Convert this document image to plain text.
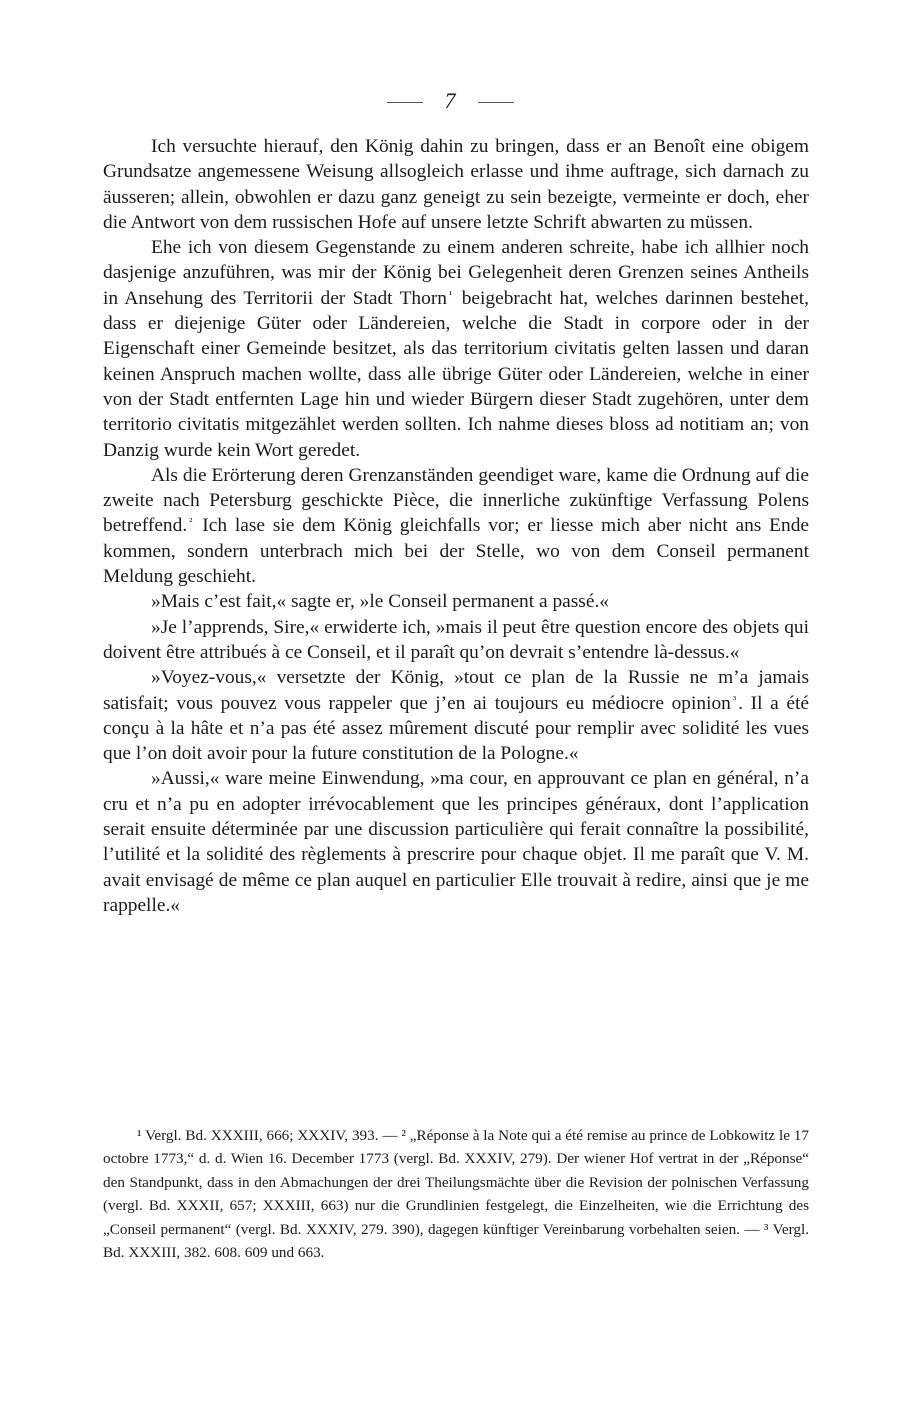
7

Ich versuchte hierauf, den König dahin zu bringen, dass er an Benoît eine obigem Grundsatze angemessene Weisung allsogleich erlasse und ihme auftrage, sich darnach zu äusseren; allein, obwohlen er dazu ganz geneigt zu sein bezeigte, vermeinte er doch, eher die Antwort von dem russischen Hofe auf unsere letzte Schrift abwarten zu müssen.

Ehe ich von diesem Gegenstande zu einem anderen schreite, habe ich allhier noch dasjenige anzuführen, was mir der König bei Gelegenheit deren Grenzen seines Antheils in Ansehung des Territorii der Stadt Thorn $^{^1}$ beigebracht hat, welches darinnen bestehet, dass er diejenige Güter oder Ländereien, welche die Stadt in corpore oder in der Eigenschaft einer Gemeinde besitzet, als das territorium civitatis gelten lassen und daran keinen Anspruch machen wollte, dass alle übrige Güter oder Ländereien, welche in einer von der Stadt entfernten Lage hin und wieder Bürgern dieser Stadt zugehören, unter dem territorio civitatis mitgezählet werden sollten. Ich nahme dieses bloss ad notitiam an; von Danzig wurde kein Wort geredet.

Als die Erörterung deren Grenzanständen geendiget ware, kame die Ordnung auf die zweite nach Petersburg geschickte Pièce, die innerliche zukünftige Verfassung Polens betreffend. $^{^2}$ Ich lase sie dem König gleichfalls vor; er liesse mich aber nicht ans Ende kommen, sondern unterbrach mich bei der Stelle, wo von dem Conseil permanent Meldung geschieht.

»Mais c’est fait,« sagte er, »le Conseil permanent a passé.«

»Je l’apprends, Sire,« erwiderte ich, »mais il peut être question encore des objets qui doivent être attribués à ce Conseil, et il paraît qu’on devrait s’entendre là-dessus.«

»Voyez-vous,« versetzte der König, »tout ce plan de la Russie ne m’a jamais satisfait; vous pouvez vous rappeler que j’en ai toujours eu médiocre opinion $^{^3}$ . Il a été conçu à la hâte et n’a pas été assez mûrement discuté pour remplir avec solidité les vues que l’on doit avoir pour la future constitution de la Pologne.«

»Aussi,« ware meine Einwendung, »ma cour, en approuvant ce plan en général, n’a cru et n’a pu en adopter irrévocablement que les principes généraux, dont l’application serait ensuite déterminée par une discussion particulière qui ferait connaître la possibilité, l’utilité et la solidité des règlements à prescrire pour chaque objet. Il me paraît que V. M. avait envisagé de même ce plan auquel en particulier Elle trouvait à redire, ainsi que je me rappelle.«

¹ Vergl. Bd. XXXIII, 666; XXXIV, 393. — ² „Réponse à la Note qui a été remise au prince de Lobkowitz le 17 octobre 1773,“ d. d. Wien 16. December 1773 (vergl. Bd. XXXIV, 279). Der wiener Hof vertrat in der „Réponse“ den Standpunkt, dass in den Abmachungen der drei Theilungsmächte über die Revision der polnischen Verfassung (vergl. Bd. XXXII, 657; XXXIII, 663) nur die Grundlinien festgelegt, die Einzelheiten, wie die Errichtung des „Conseil permanent“ (vergl. Bd. XXXIV, 279. 390), dagegen künftiger Vereinbarung vorbehalten seien. — ³ Vergl. Bd. XXXIII, 382. 608. 609 und 663.
